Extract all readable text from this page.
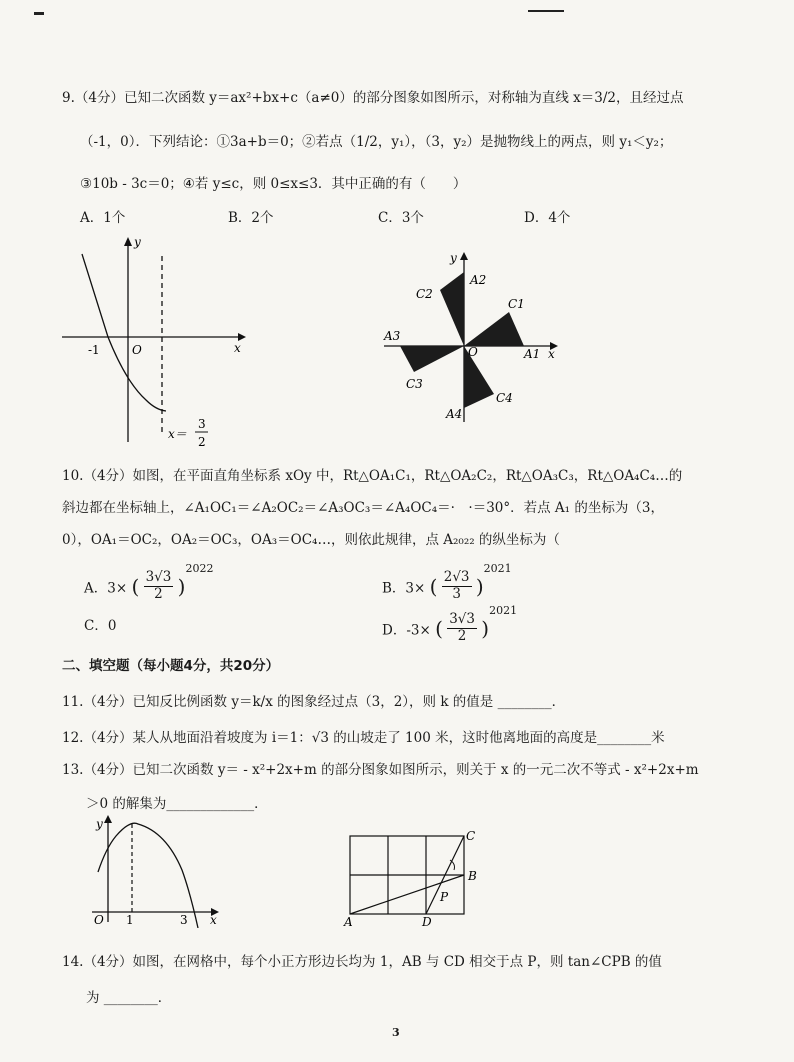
9.（4分）已知二次函数 y＝ax²+bx+c（a≠0）的部分图象如图所示，对称轴为直线 x＝3/2，且经过点
（-1，0）．下列结论：①3a+b＝0；②若点（1/2，y₁），（3，y₂）是抛物线上的两点，则 y₁＜y₂；
③10b - 3c＝0；④若 y≤c，则 0≤x≤3．其中正确的有（　　）
A．1个	B．2个	C．3个	D．4个
y
x
O
-1
x＝
3
2
y
x
O	A1
A2
A3
A4
C1
C2
C3
C4
10.（4分）如图，在平面直角坐标系 xOy 中，Rt△OA₁C₁，Rt△OA₂C₂，Rt△OA₃C₃，Rt△OA₄C₄…的
斜边都在坐标轴上，∠A₁OC₁＝∠A₂OC₂＝∠A₃OC₃＝∠A₄OC₄＝·　·＝30°．若点 A₁ 的坐标为（3，
0），OA₁＝OC₂，OA₂＝OC₃，OA₃＝OC₄…，则依此规律，点 A₂₀₂₂ 的纵坐标为（
A．3× ( $\frac{3√3}{2} )^{2022}$
B．3× ( $\frac{2√3}{3} )^{2021}$
C．0	D．-3× ( $\frac{3√3}{2} )^{2021}$
二、填空题（每小题4分，共20分）
11.（4分）已知反比例函数 y＝k/x 的图象经过点（3，2），则 k 的值是 ________．
12.（4分）某人从地面沿着坡度为 i＝1：√3 的山坡走了 100 米，这时他离地面的高度是________米
13.（4分）已知二次函数 y＝ - x²+2x+m 的部分图象如图所示，则关于 x 的一元二次不等式 - x²+2x+m
＞0 的解集为_____________．
y
x
O 1	3	A	D
B
C
P
14.（4分）如图，在网格中，每个小正方形边长均为 1，AB 与 CD 相交于点 P，则 tan∠CPB 的值
为 ________．
3
